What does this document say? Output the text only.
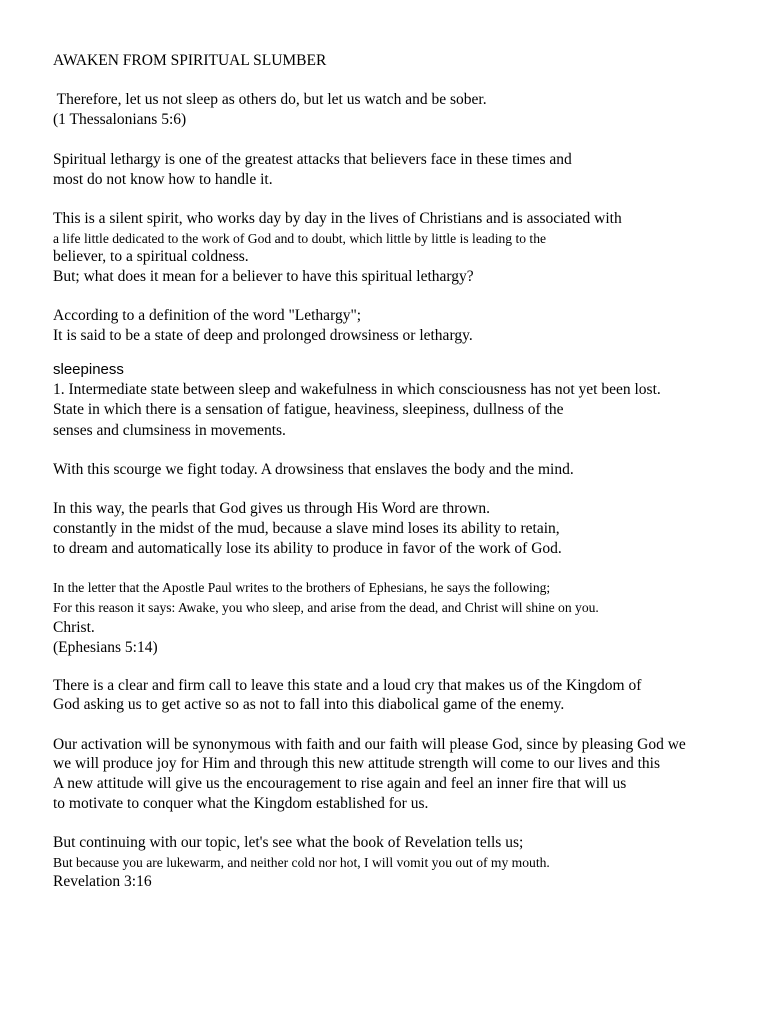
AWAKEN FROM SPIRITUAL SLUMBER
Therefore, let us not sleep as others do, but let us watch and be sober.
(1 Thessalonians 5:6)
Spiritual lethargy is one of the greatest attacks that believers face in these times and
most do not know how to handle it.
This is a silent spirit, who works day by day in the lives of Christians and is associated with
a life little dedicated to the work of God and to doubt, which little by little is leading to the
believer, to a spiritual coldness.
But; what does it mean for a believer to have this spiritual lethargy?
According to a definition of the word "Lethargy";
It is said to be a state of deep and prolonged drowsiness or lethargy.
sleepiness
1. Intermediate state between sleep and wakefulness in which consciousness has not yet been lost.
State in which there is a sensation of fatigue, heaviness, sleepiness, dullness of the
senses and clumsiness in movements.
With this scourge we fight today. A drowsiness that enslaves the body and the mind.
In this way, the pearls that God gives us through His Word are thrown.
constantly in the midst of the mud, because a slave mind loses its ability to retain,
to dream and automatically lose its ability to produce in favor of the work of God.
In the letter that the Apostle Paul writes to the brothers of Ephesians, he says the following;
For this reason it says: Awake, you who sleep, and arise from the dead, and Christ will shine on you.
Christ.
(Ephesians 5:14)
There is a clear and firm call to leave this state and a loud cry that makes us of the Kingdom of
God asking us to get active so as not to fall into this diabolical game of the enemy.
Our activation will be synonymous with faith and our faith will please God, since by pleasing God we
we will produce joy for Him and through this new attitude strength will come to our lives and this
A new attitude will give us the encouragement to rise again and feel an inner fire that will us
to motivate to conquer what the Kingdom established for us.
But continuing with our topic, let's see what the book of Revelation tells us;
But because you are lukewarm, and neither cold nor hot, I will vomit you out of my mouth.
Revelation 3:16
